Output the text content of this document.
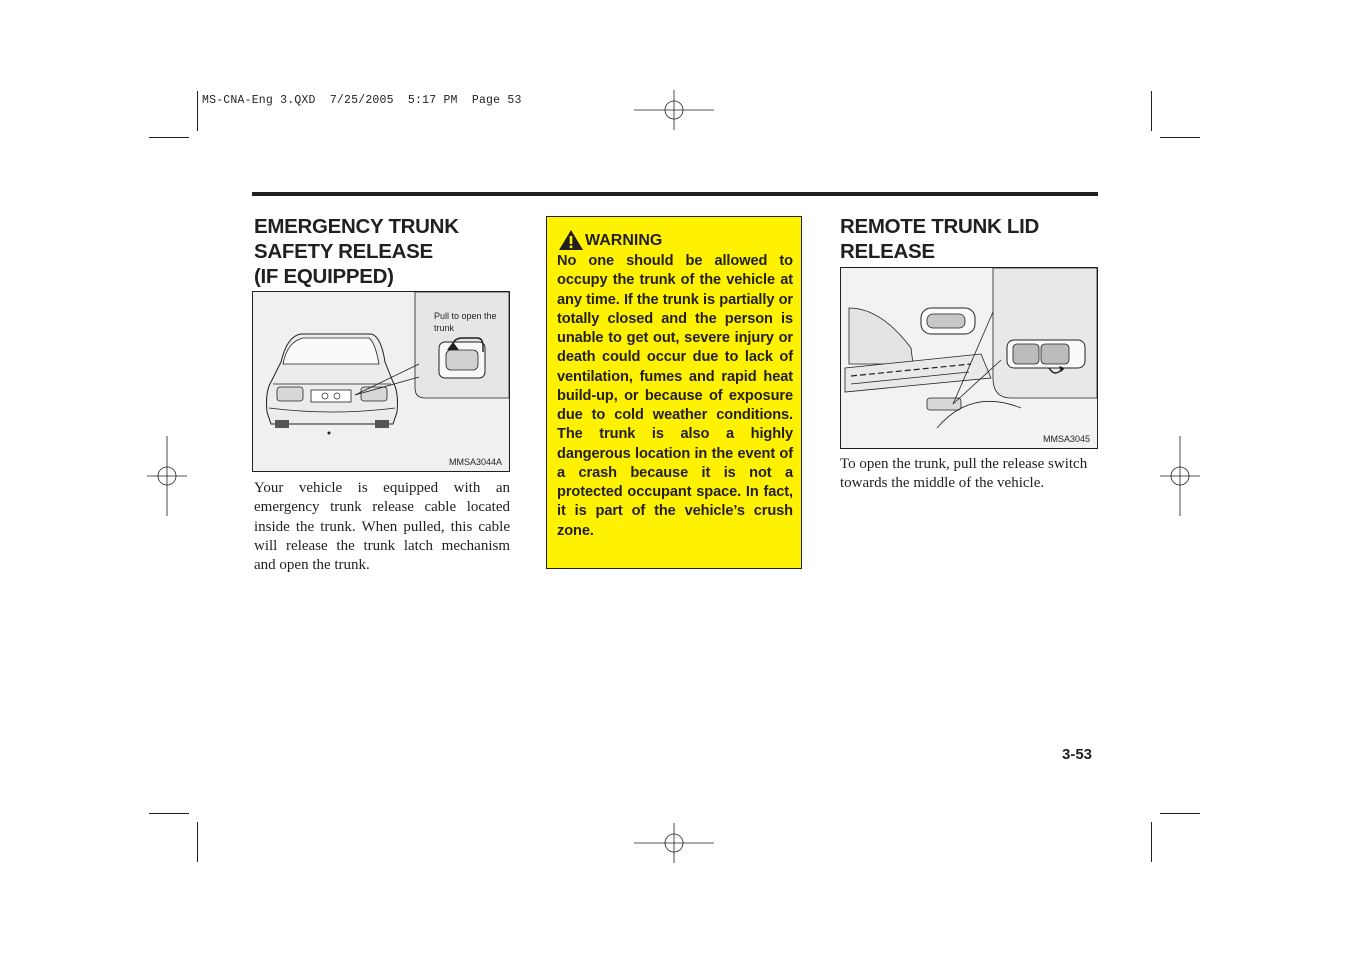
MS-CNA-Eng 3.QXD  7/25/2005  5:17 PM  Page 53
EMERGENCY TRUNK
SAFETY RELEASE
(IF EQUIPPED)
Pull to open the
trunk
MMSA3044A
Your vehicle is equipped with an emergency trunk release cable located inside the trunk. When pulled, this cable will release the trunk latch mechanism and open the trunk.
WARNING
No one should be allowed to occupy the trunk of the vehicle at any time. If the trunk is partially or totally closed and the person is unable to get out, severe injury or death could occur due to lack of ventilation, fumes and rapid heat build-up, or because of exposure due to cold weather conditions. The trunk is also a highly dangerous location in the event of a crash because it is not a protected occupant space. In fact, it is part of the vehicle’s crush zone.
REMOTE TRUNK LID
RELEASE
MMSA3045
To open the trunk, pull the release switch towards the middle of the vehicle.
3-53
